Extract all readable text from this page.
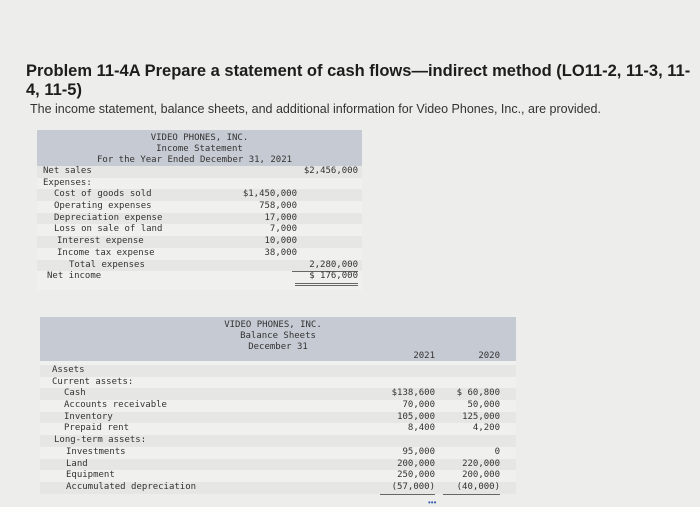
Problem 11-4A Prepare a statement of cash flows—indirect method (LO11-2, 11-3, 11-4, 11-5)
The income statement, balance sheets, and additional information for Video Phones, Inc., are provided.
VIDEO PHONES, INC.
Income Statement
For the Year Ended December 31, 2021
Net sales	$2,456,000
Expenses:
Cost of goods sold	$1,450,000
Operating expenses	758,000
Depreciation expense	17,000
Loss on sale of land	7,000
Interest expense	10,000
Income tax expense	38,000
Total expenses	2,280,000
Net income	$ 176,000
VIDEO PHONES, INC.
Balance Sheets
December 31
2021	2020
Assets
Current assets:
Cash	$138,600	$ 60,800
Accounts receivable	70,000	50,000
Inventory	105,000	125,000
Prepaid rent	8,400	4,200
Long-term assets:
Investments	95,000	0
Land	200,000	220,000
Equipment	250,000	200,000
Accumulated depreciation	(57,000)	(40,000)
•••
